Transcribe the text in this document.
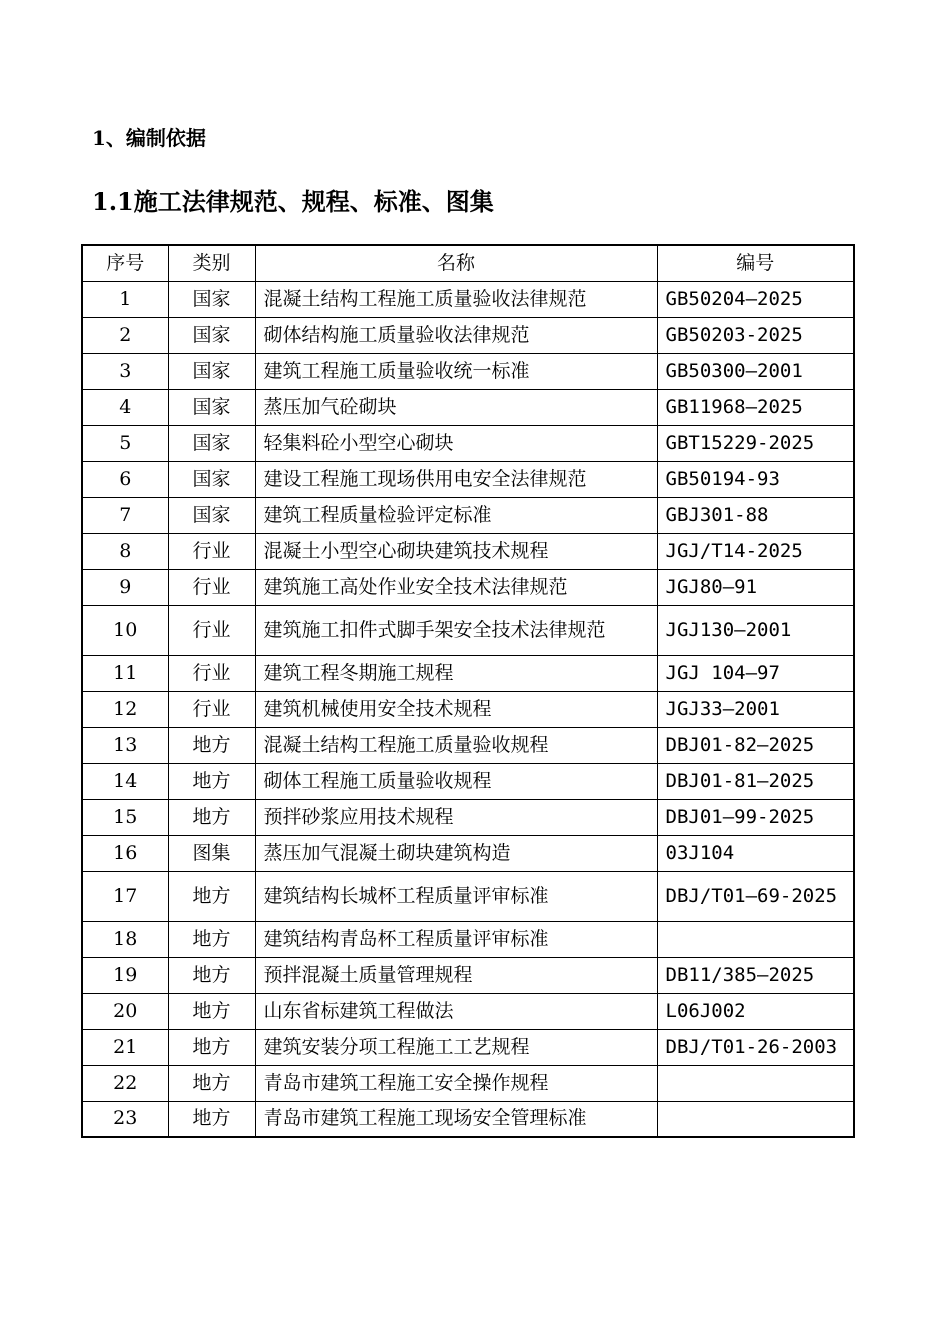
1、编制依据
1.1施工法律规范、规程、标准、图集
序号	类别	名称	编号
1	国家	混凝土结构工程施工质量验收法律规范	GB50204—2025
2	国家	砌体结构施工质量验收法律规范	GB50203-2025
3	国家	建筑工程施工质量验收统一标准	GB50300—2001
4	国家	蒸压加气砼砌块	GB11968—2025
5	国家	轻集料砼小型空心砌块	GBT15229-2025
6	国家	建设工程施工现场供用电安全法律规范	GB50194-93
7	国家	建筑工程质量检验评定标准	GBJ301-88
8	行业	混凝土小型空心砌块建筑技术规程	JGJ/T14-2025
9	行业	建筑施工高处作业安全技术法律规范	JGJ80—91
10	行业	建筑施工扣件式脚手架安全技术法律规范	JGJ130—2001
11	行业	建筑工程冬期施工规程	JGJ 104—97
12	行业	建筑机械使用安全技术规程	JGJ33—2001
13	地方	混凝土结构工程施工质量验收规程	DBJ01-82—2025
14	地方	砌体工程施工质量验收规程	DBJ01-81—2025
15	地方	预拌砂浆应用技术规程	DBJ01—99-2025
16	图集	蒸压加气混凝土砌块建筑构造	03J104
17	地方	建筑结构长城杯工程质量评审标准	DBJ/T01—69-2025
18	地方	建筑结构青岛杯工程质量评审标准	
19	地方	预拌混凝土质量管理规程	DB11/385—2025
20	地方	山东省标建筑工程做法	L06J002
21	地方	建筑安装分项工程施工工艺规程	DBJ/T01-26-2003
22	地方	青岛市建筑工程施工安全操作规程	
23	地方	青岛市建筑工程施工现场安全管理标准	
